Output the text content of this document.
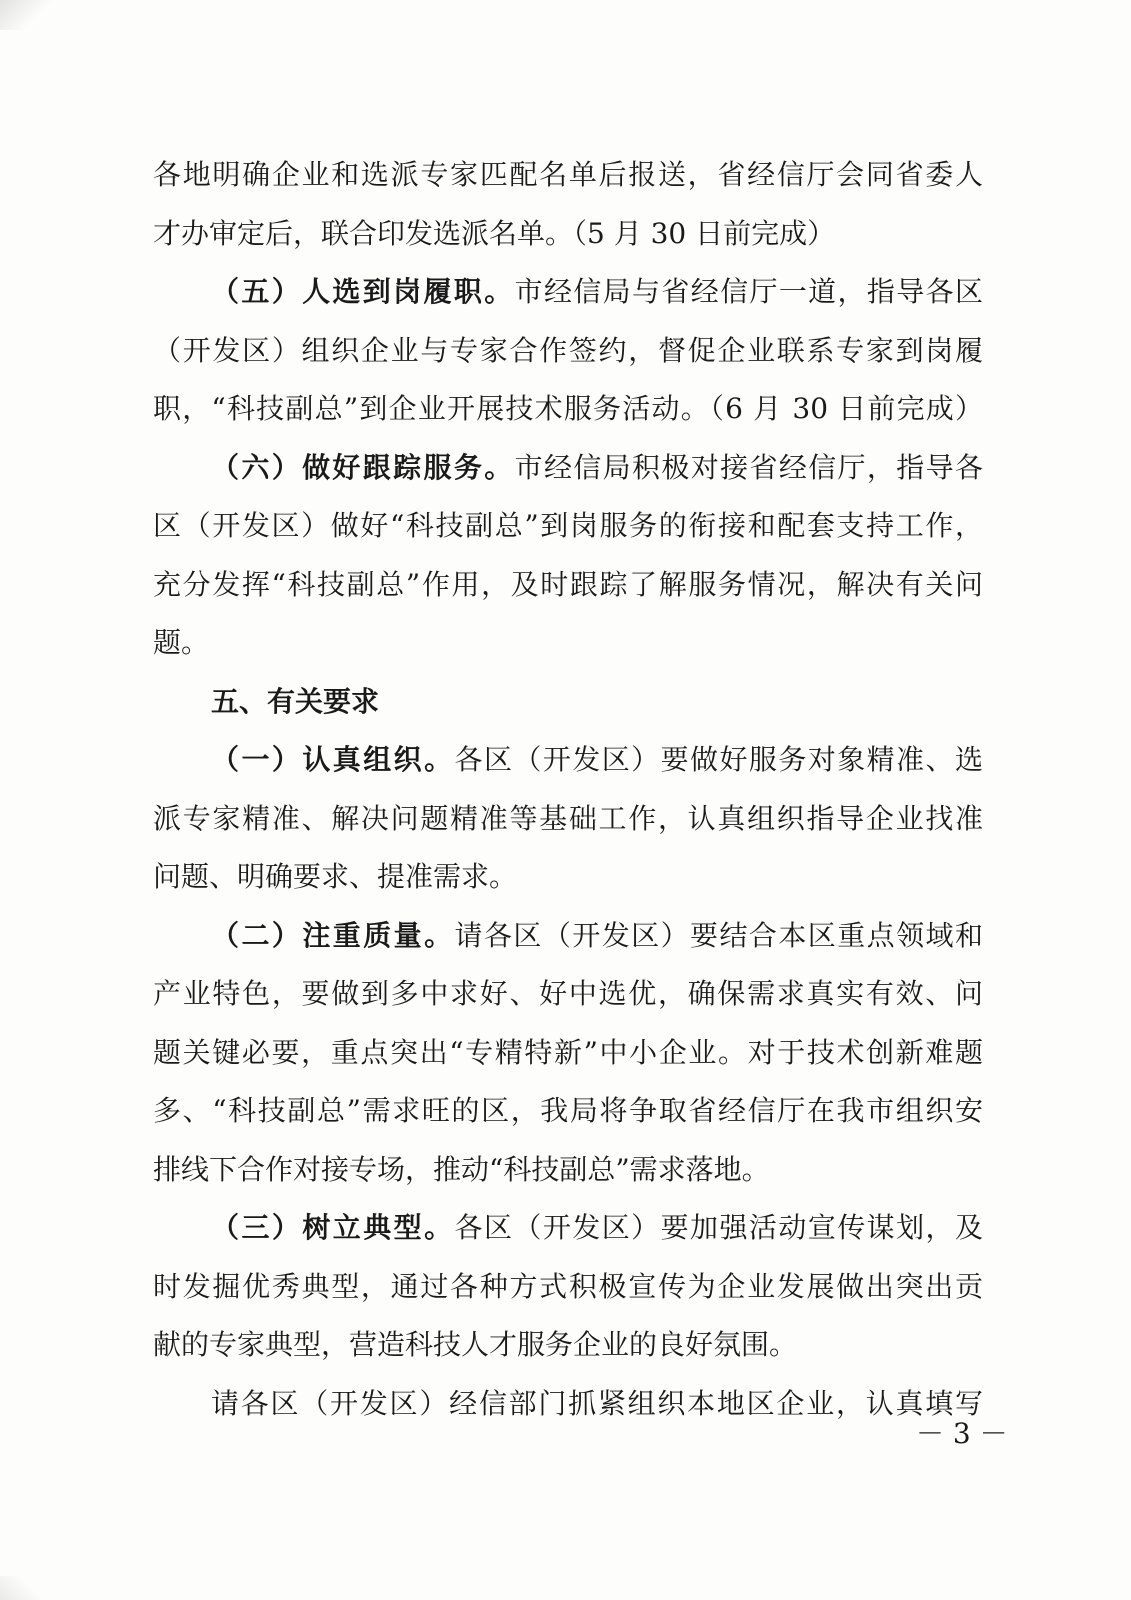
各地明确企业和选派专家匹配名单后报送，省经信厅会同省委人
才办审定后，联合印发选派名单。（5 月 30 日前完成）
（五）人选到岗履职。市经信局与省经信厅一道，指导各区
（开发区）组织企业与专家合作签约，督促企业联系专家到岗履
职，“科技副总”到企业开展技术服务活动。（6 月 30 日前完成）
（六）做好跟踪服务。市经信局积极对接省经信厅，指导各
区（开发区）做好“科技副总”到岗服务的衔接和配套支持工作，
充分发挥“科技副总”作用，及时跟踪了解服务情况，解决有关问
题。
五、有关要求
（一）认真组织。各区（开发区）要做好服务对象精准、选
派专家精准、解决问题精准等基础工作，认真组织指导企业找准
问题、明确要求、提准需求。
（二）注重质量。请各区（开发区）要结合本区重点领域和
产业特色，要做到多中求好、好中选优，确保需求真实有效、问
题关键必要，重点突出“专精特新”中小企业。对于技术创新难题
多、“科技副总”需求旺的区，我局将争取省经信厅在我市组织安
排线下合作对接专场，推动“科技副总”需求落地。
（三）树立典型。各区（开发区）要加强活动宣传谋划，及
时发掘优秀典型，通过各种方式积极宣传为企业发展做出突出贡
献的专家典型，营造科技人才服务企业的良好氛围。
请各区（开发区）经信部门抓紧组织本地区企业，认真填写
－ 3 －
